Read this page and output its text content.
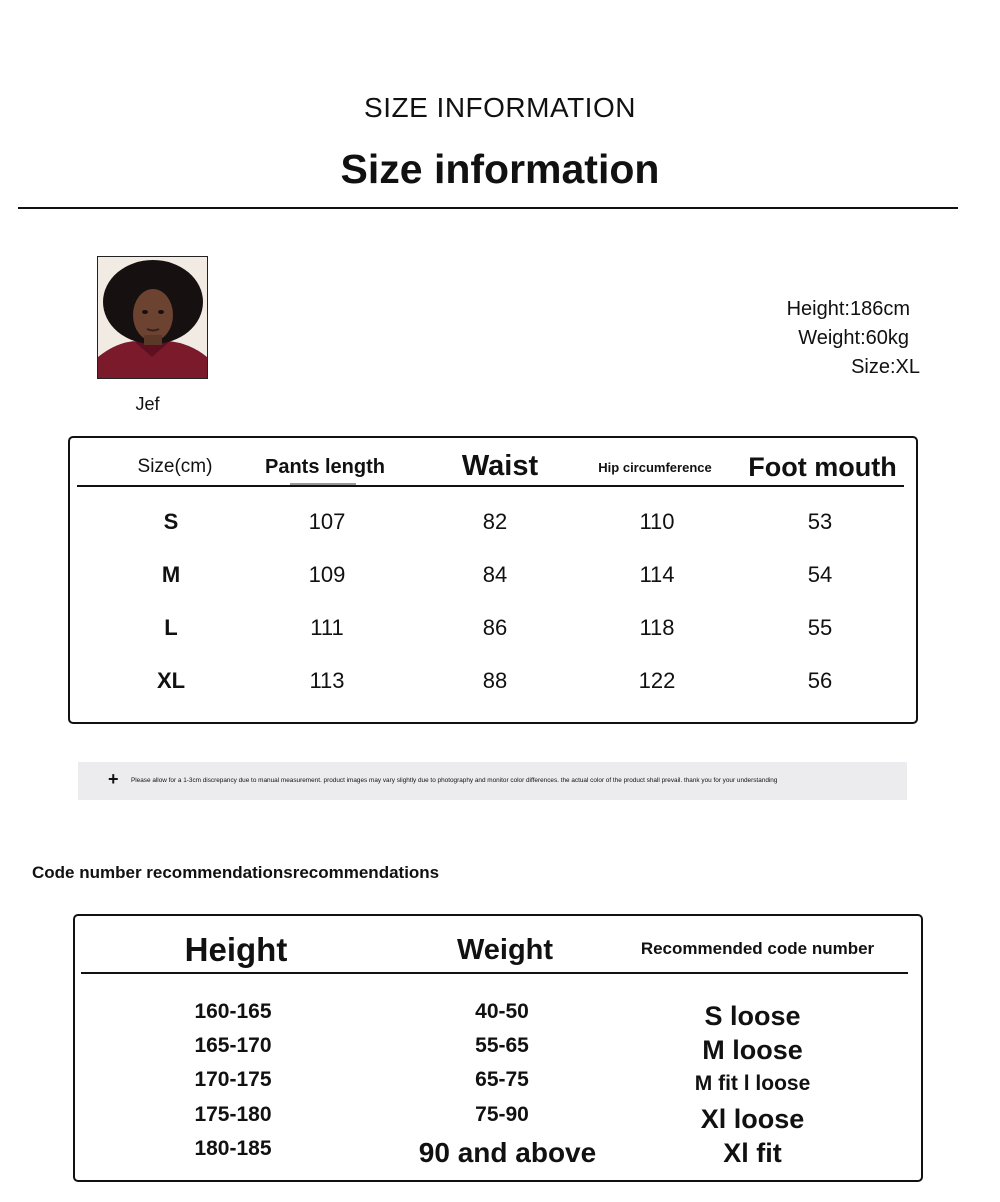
SIZE INFORMATION
Size information
Jef
Height:186cm
Weight:60kg
Size:XL
Size(cm)	Pants length	Waist	Hip circumference	Foot mouth
S	107	82	110	53
M	109	84	114	54
L	111	86	118	55
XL	113	88	122	56
+ Please allow for a 1-3cm discrepancy due to manual measurement. product images may vary slightly due to photography and monitor color differences. the actual color of the product shall prevail. thank you for your understanding
Code number recommendationsrecommendations
Height	Weight	Recommended code number
160-165	40-50	S loose
165-170	55-65	M loose
170-175	65-75	M fit l loose
175-180	75-90	Xl loose
180-185	90 and above	Xl fit
